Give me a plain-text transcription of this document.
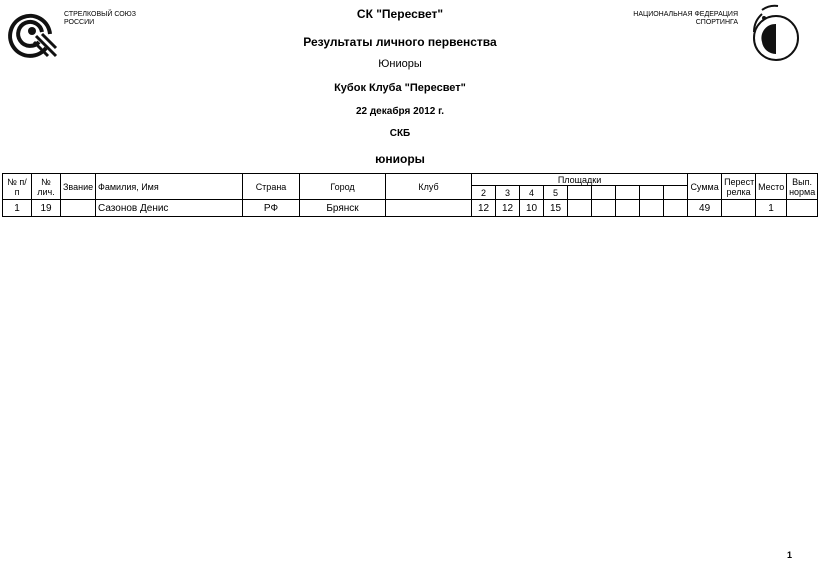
СТРЕЛКОВЫЙ СОЮЗ
РОССИИ
НАЦИОНАЛЬНАЯ ФЕДЕРАЦИЯ
СПОРТИНГА
СК "Пересвет"
Результаты личного первенства
Юниоры
Кубок Клуба "Пересвет"
22 декабря 2012 г.
СКБ
юниоры
№ п/п	№ лич.	Звание	Фамилия, Имя	Страна	Город	Клуб	Площадки									Сумма	Перест релка	Место	Вып. норма
							2	3	4	5									
1	19		Сазонов Денис	РФ	Брянск		12	12	10	15						49		1	
1
